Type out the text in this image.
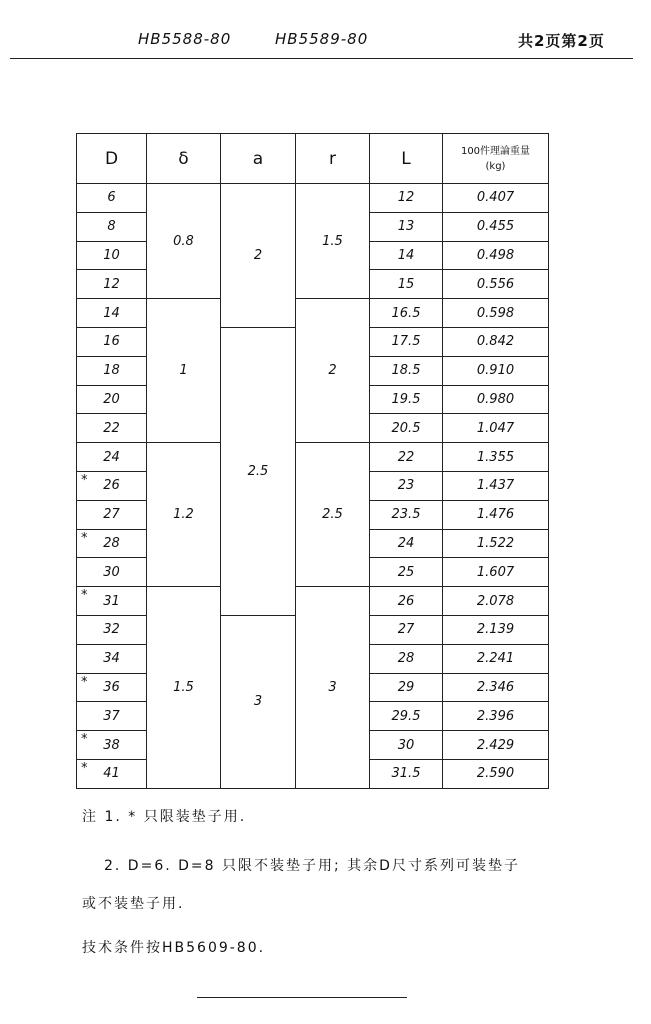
HB5588-80	HB5589-80	共2页第2页
D	δ	a	r	L	100件理論重量
(kg)

6	0.8	2	1.5	12	0.407
8				13	0.455
10				14	0.498
12				15	0.556
14	1		2	16.5	0.598
16		2.5		17.5	0.842
18				18.5	0.910
20				19.5	0.980
22				20.5	1.047
24	1.2		2.5	22	1.355

* 26				23	1.437
27				23.5	1.476

* 28				24	1.522
30				25	1.607

* 31	1.5		3	26	2.078
32		3		27	2.139
34				28	2.241

* 36				29	2.346
37				29.5	2.396

* 38				30	2.429

* 41				31.5	2.590
注 1. * 只限装垫子用.
2. D=6. D=8 只限不装垫子用; 其余D尺寸系列可装垫子
或不装垫子用.
技术条件按HB5609-80.
